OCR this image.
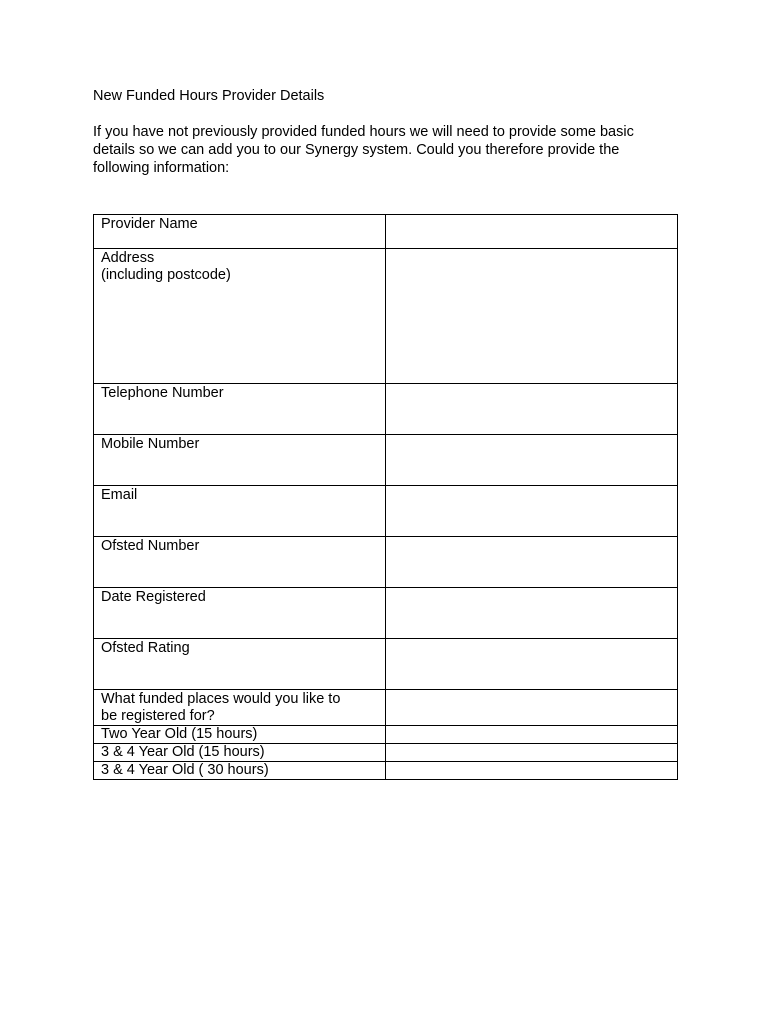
New Funded Hours Provider Details
If you have not previously provided funded hours we will need to provide some basic
details so we can add you to our Synergy system. Could you therefore provide the
following information:
Provider Name	

Address
(including postcode)	

Telephone Number	

Mobile Number	

Email	

Ofsted Number	

Date Registered	

Ofsted Rating	

What funded places would you like to
be registered for?	

Two Year Old (15 hours)	

3 & 4 Year Old (15 hours)	

3 & 4 Year Old ( 30 hours)	
